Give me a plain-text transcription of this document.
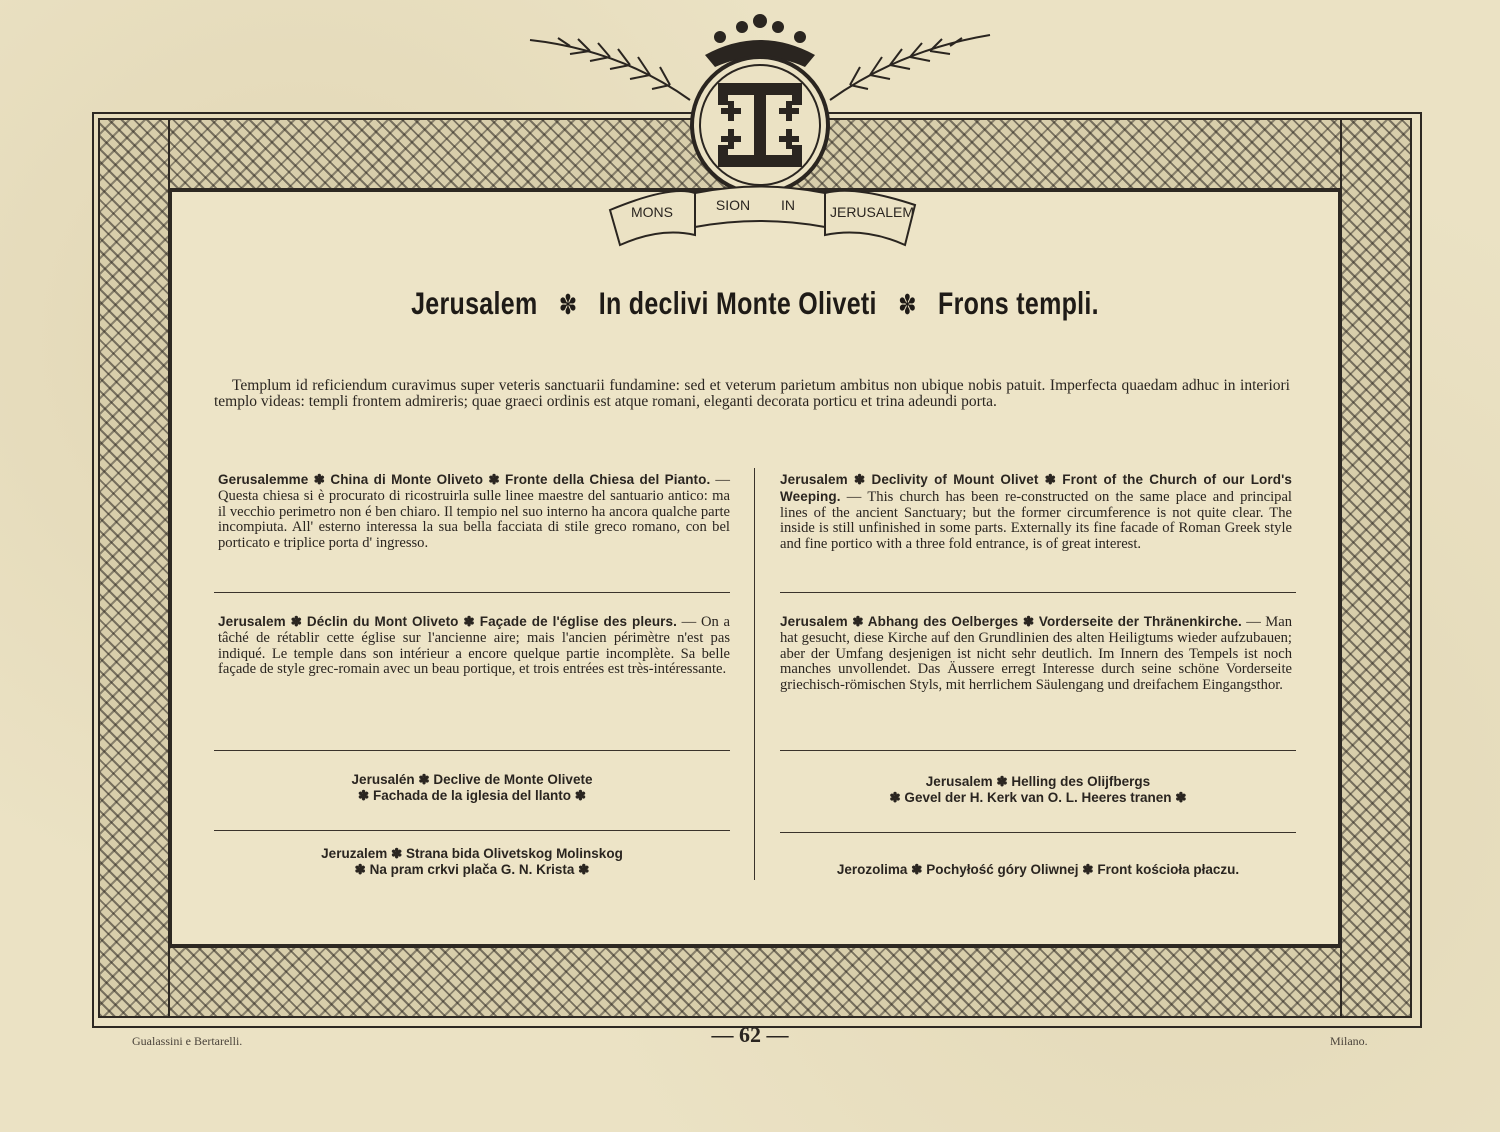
MONS	SION IN JERUSALEM
Jerusalem ✽ In declivi Monte Oliveti ✽ Frons templi.
Templum id reficiendum curavimus super veteris sanctuarii fundamine: sed et veterum parietum ambitus non ubique nobis patuit. Imperfecta quaedam adhuc in interiori templo videas: templi frontem admireris; quae graeci ordinis est atque romani, eleganti decorata porticu et trina adeundi porta.
Gerusalemme ✽ China di Monte Oliveto ✽ Fronte della Chiesa del Pianto. — Questa chiesa si è procurato di ricostruirla sulle linee maestre del santuario antico: ma il vecchio perimetro non é ben chiaro. Il tempio nel suo interno ha ancora qualche parte incompiuta. All' esterno interessa la sua bella facciata di stile greco romano, con bel porticato e triplice porta d' ingresso.
Jerusalem ✽ Declivity of Mount Olivet ✽ Front of the Church of our Lord's Weeping. — This church has been re-constructed on the same place and principal lines of the ancient Sanctuary; but the former circumference is not quite clear. The inside is still unfinished in some parts. Externally its fine facade of Roman Greek style and fine portico with a three fold entrance, is of great interest.
Jerusalem ✽ Déclin du Mont Oliveto ✽ Façade de l'église des pleurs. — On a tâché de rétablir cette église sur l'ancienne aire; mais l'ancien périmètre n'est pas indiqué. Le temple dans son intérieur a encore quelque partie incomplète. Sa belle façade de style grec-romain avec un beau portique, et trois entrées est très-intéressante.
Jerusalem ✽ Abhang des Oelberges ✽ Vorderseite der Thränenkirche. — Man hat gesucht, diese Kirche auf den Grundlinien des alten Heiligtums wieder aufzubauen; aber der Umfang desjenigen ist nicht sehr deutlich. Im Innern des Tempels ist noch manches unvollendet. Das Äussere erregt Interesse durch seine schöne Vorderseite griechisch-römischen Styls, mit herrlichem Säulengang und dreifachem Eingangsthor.
Jerusalén ✽ Declive de Monte Olivete
✽ Fachada de la iglesia del llanto ✽
Jerusalem ✽ Helling des Olijfbergs
✽ Gevel der H. Kerk van O. L. Heeres tranen ✽
Jeruzalem ✽ Strana bida Olivetskog Molinskog
✽ Na pram crkvi plača G. N. Krista ✽	Jerozolima ✽ Pochyłość góry Oliwnej ✽ Front kościoła płaczu.
Gualassini e Bertarelli.	— 62 —	Milano.
